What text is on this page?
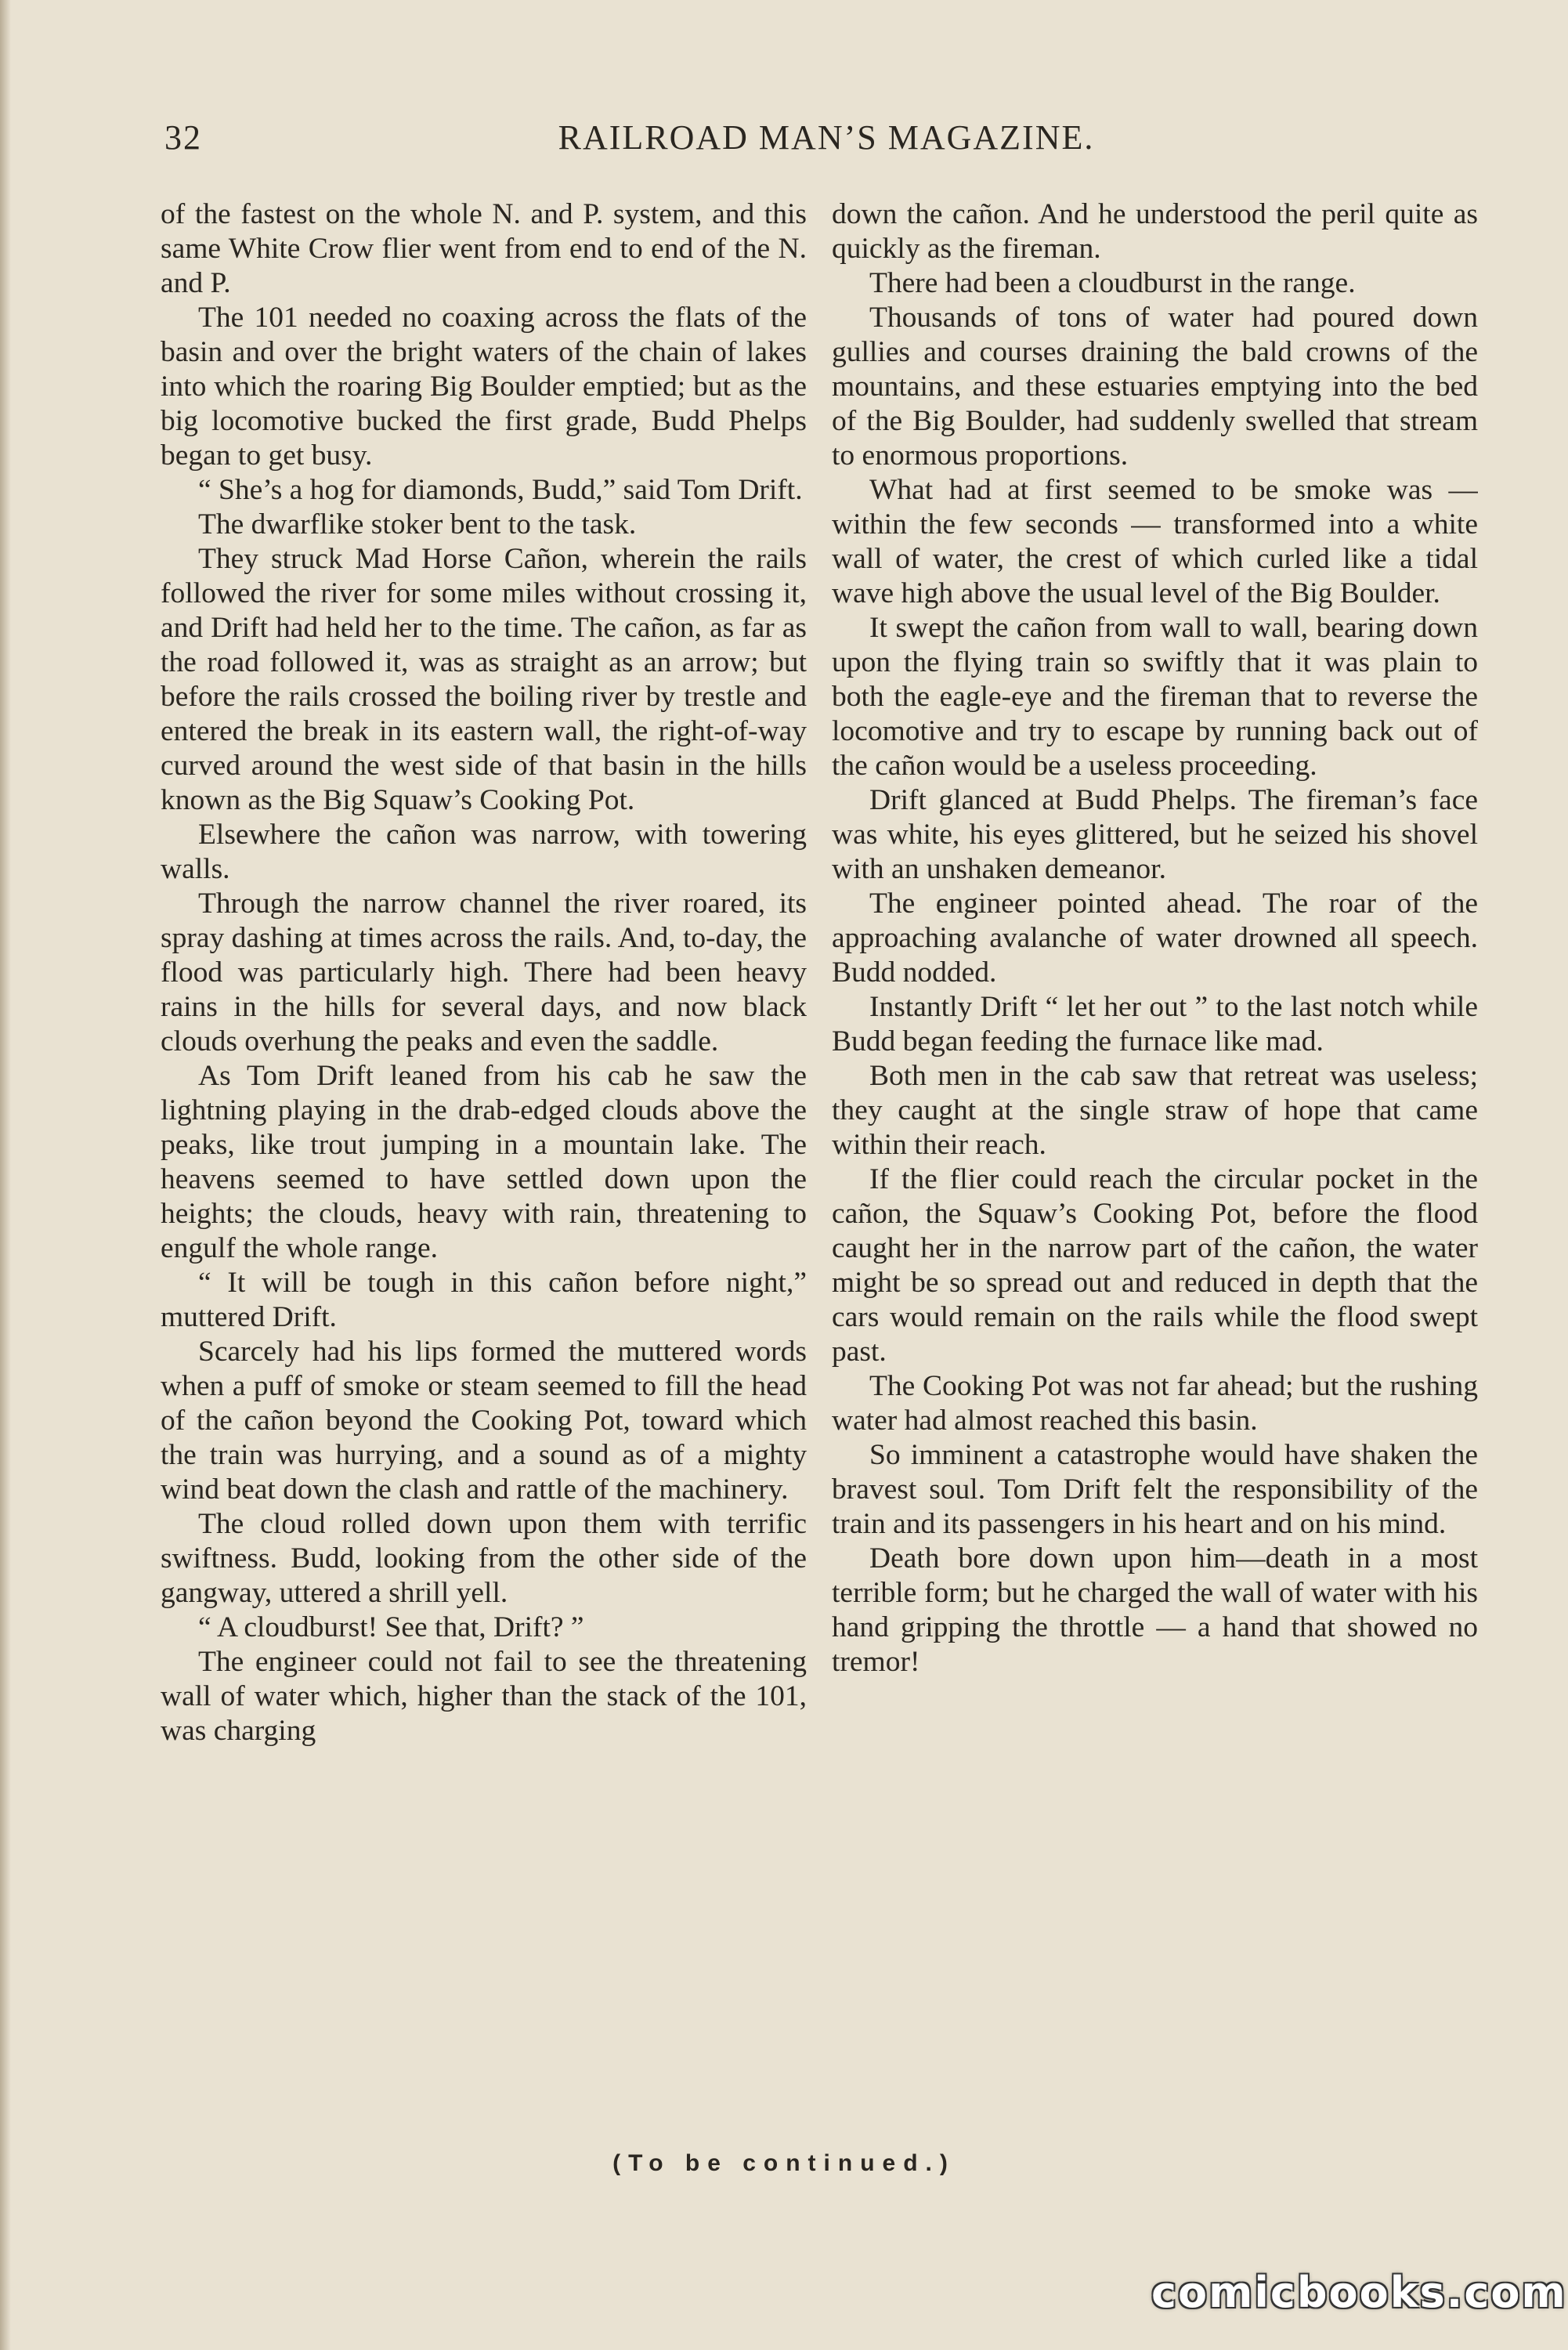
32	RAILROAD MAN’S MAGAZINE.

of the fastest on the whole N. and P. system, and this same White Crow flier went from end to end of the N. and P.

The 101 needed no coaxing across the flats of the basin and over the bright waters of the chain of lakes into which the roaring Big Boulder emptied; but as the big locomotive bucked the first grade, Budd Phelps began to get busy.

“ She’s a hog for diamonds, Budd,” said Tom Drift.

The dwarflike stoker bent to the task.

They struck Mad Horse Cañon, wherein the rails followed the river for some miles without crossing it, and Drift had held her to the time. The cañon, as far as the road followed it, was as straight as an arrow; but before the rails crossed the boiling river by trestle and entered the break in its eastern wall, the right-of-way curved around the west side of that basin in the hills known as the Big Squaw’s Cooking Pot.

Elsewhere the cañon was narrow, with towering walls.

Through the narrow channel the river roared, its spray dashing at times across the rails. And, to-day, the flood was particularly high. There had been heavy rains in the hills for several days, and now black clouds overhung the peaks and even the saddle.

As Tom Drift leaned from his cab he saw the lightning playing in the drab-edged clouds above the peaks, like trout jumping in a mountain lake. The heavens seemed to have settled down upon the heights; the clouds, heavy with rain, threatening to engulf the whole range.

“ It will be tough in this cañon before night,” muttered Drift.

Scarcely had his lips formed the muttered words when a puff of smoke or steam seemed to fill the head of the cañon beyond the Cooking Pot, toward which the train was hurrying, and a sound as of a mighty wind beat down the clash and rattle of the machinery.

The cloud rolled down upon them with terrific swiftness. Budd, looking from the other side of the gangway, uttered a shrill yell.

“ A cloudburst! See that, Drift? ”

The engineer could not fail to see the threatening wall of water which, higher than the stack of the 101, was charging

down the cañon. And he understood the peril quite as quickly as the fireman.

There had been a cloudburst in the range.

Thousands of tons of water had poured down gullies and courses draining the bald crowns of the mountains, and these estuaries emptying into the bed of the Big Boulder, had suddenly swelled that stream to enormous proportions.

What had at first seemed to be smoke was — within the few seconds — transformed into a white wall of water, the crest of which curled like a tidal wave high above the usual level of the Big Boulder.

It swept the cañon from wall to wall, bearing down upon the flying train so swiftly that it was plain to both the eagle-eye and the fireman that to reverse the locomotive and try to escape by running back out of the cañon would be a useless proceeding.

Drift glanced at Budd Phelps. The fireman’s face was white, his eyes glittered, but he seized his shovel with an unshaken demeanor.

The engineer pointed ahead. The roar of the approaching avalanche of water drowned all speech. Budd nodded.

Instantly Drift “ let her out ” to the last notch while Budd began feeding the furnace like mad.

Both men in the cab saw that retreat was useless; they caught at the single straw of hope that came within their reach.

If the flier could reach the circular pocket in the cañon, the Squaw’s Cooking Pot, before the flood caught her in the narrow part of the cañon, the water might be so spread out and reduced in depth that the cars would remain on the rails while the flood swept past.

The Cooking Pot was not far ahead; but the rushing water had almost reached this basin.

So imminent a catastrophe would have shaken the bravest soul. Tom Drift felt the responsibility of the train and its passengers in his heart and on his mind.

Death bore down upon him—death in a most terrible form; but he charged the wall of water with his hand gripping the throttle — a hand that showed no tremor!

(To be continued.)
comicbooks.com
